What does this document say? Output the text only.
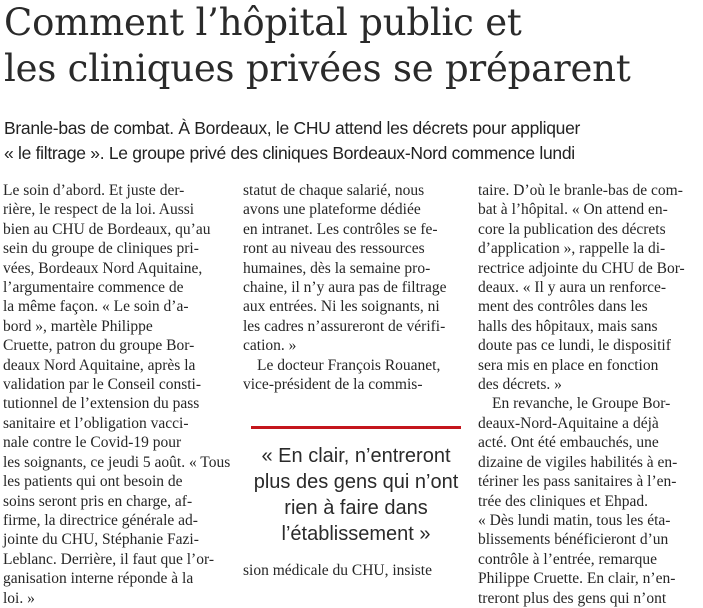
Comment l’hôpital public et
les cliniques privées se préparent
Branle-bas de combat. À Bordeaux, le CHU attend les décrets pour appliquer
« le filtrage ». Le groupe privé des cliniques Bordeaux-Nord commence lundi
Le soin d’abord. Et juste der-
rière, le respect de la loi. Aussi
bien au CHU de Bordeaux, qu’au
sein du groupe de cliniques pri-
vées, Bordeaux Nord Aquitaine,
l’argumentaire commence de
la même façon. « Le soin d’a-
bord », martèle Philippe
Cruette, patron du groupe Bor-
deaux Nord Aquitaine, après la
validation par le Conseil consti-
tutionnel de l’extension du pass
sanitaire et l’obligation vacci-
nale contre le Covid-19 pour
les soignants, ce jeudi 5 août. « Tous
les patients qui ont besoin de
soins seront pris en charge, af-
firme, la directrice générale ad-
jointe du CHU, Stéphanie Fazi-
Leblanc. Derrière, il faut que l’or-
ganisation interne réponde à la
loi. »
statut de chaque salarié, nous
avons une plateforme dédiée
en intranet. Les contrôles se fe-
ront au niveau des ressources
humaines, dès la semaine pro-
chaine, il n’y aura pas de filtrage
aux entrées. Ni les soignants, ni
les cadres n’assureront de vérifi-
cation. »
Le docteur François Rouanet,
vice-président de la commis-
« En clair, n’entreront
plus des gens qui n’ont
rien à faire dans
l’établissement »
sion médicale du CHU, insiste
taire. D’où le branle-bas de com-
bat à l’hôpital. « On attend en-
core la publication des décrets
d’application », rappelle la di-
rectrice adjointe du CHU de Bor-
deaux. « Il y aura un renforce-
ment des contrôles dans les
halls des hôpitaux, mais sans
doute pas ce lundi, le dispositif
sera mis en place en fonction
des décrets. »
En revanche, le Groupe Bor-
deaux-Nord-Aquitaine a déjà
acté. Ont été embauchés, une
dizaine de vigiles habilités à en-
tériner les pass sanitaires à l’en-
trée des cliniques et Ehpad.
« Dès lundi matin, tous les éta-
blissements bénéficieront d’un
contrôle à l’entrée, remarque
Philippe Cruette. En clair, n’en-
treront plus des gens qui n’ont
